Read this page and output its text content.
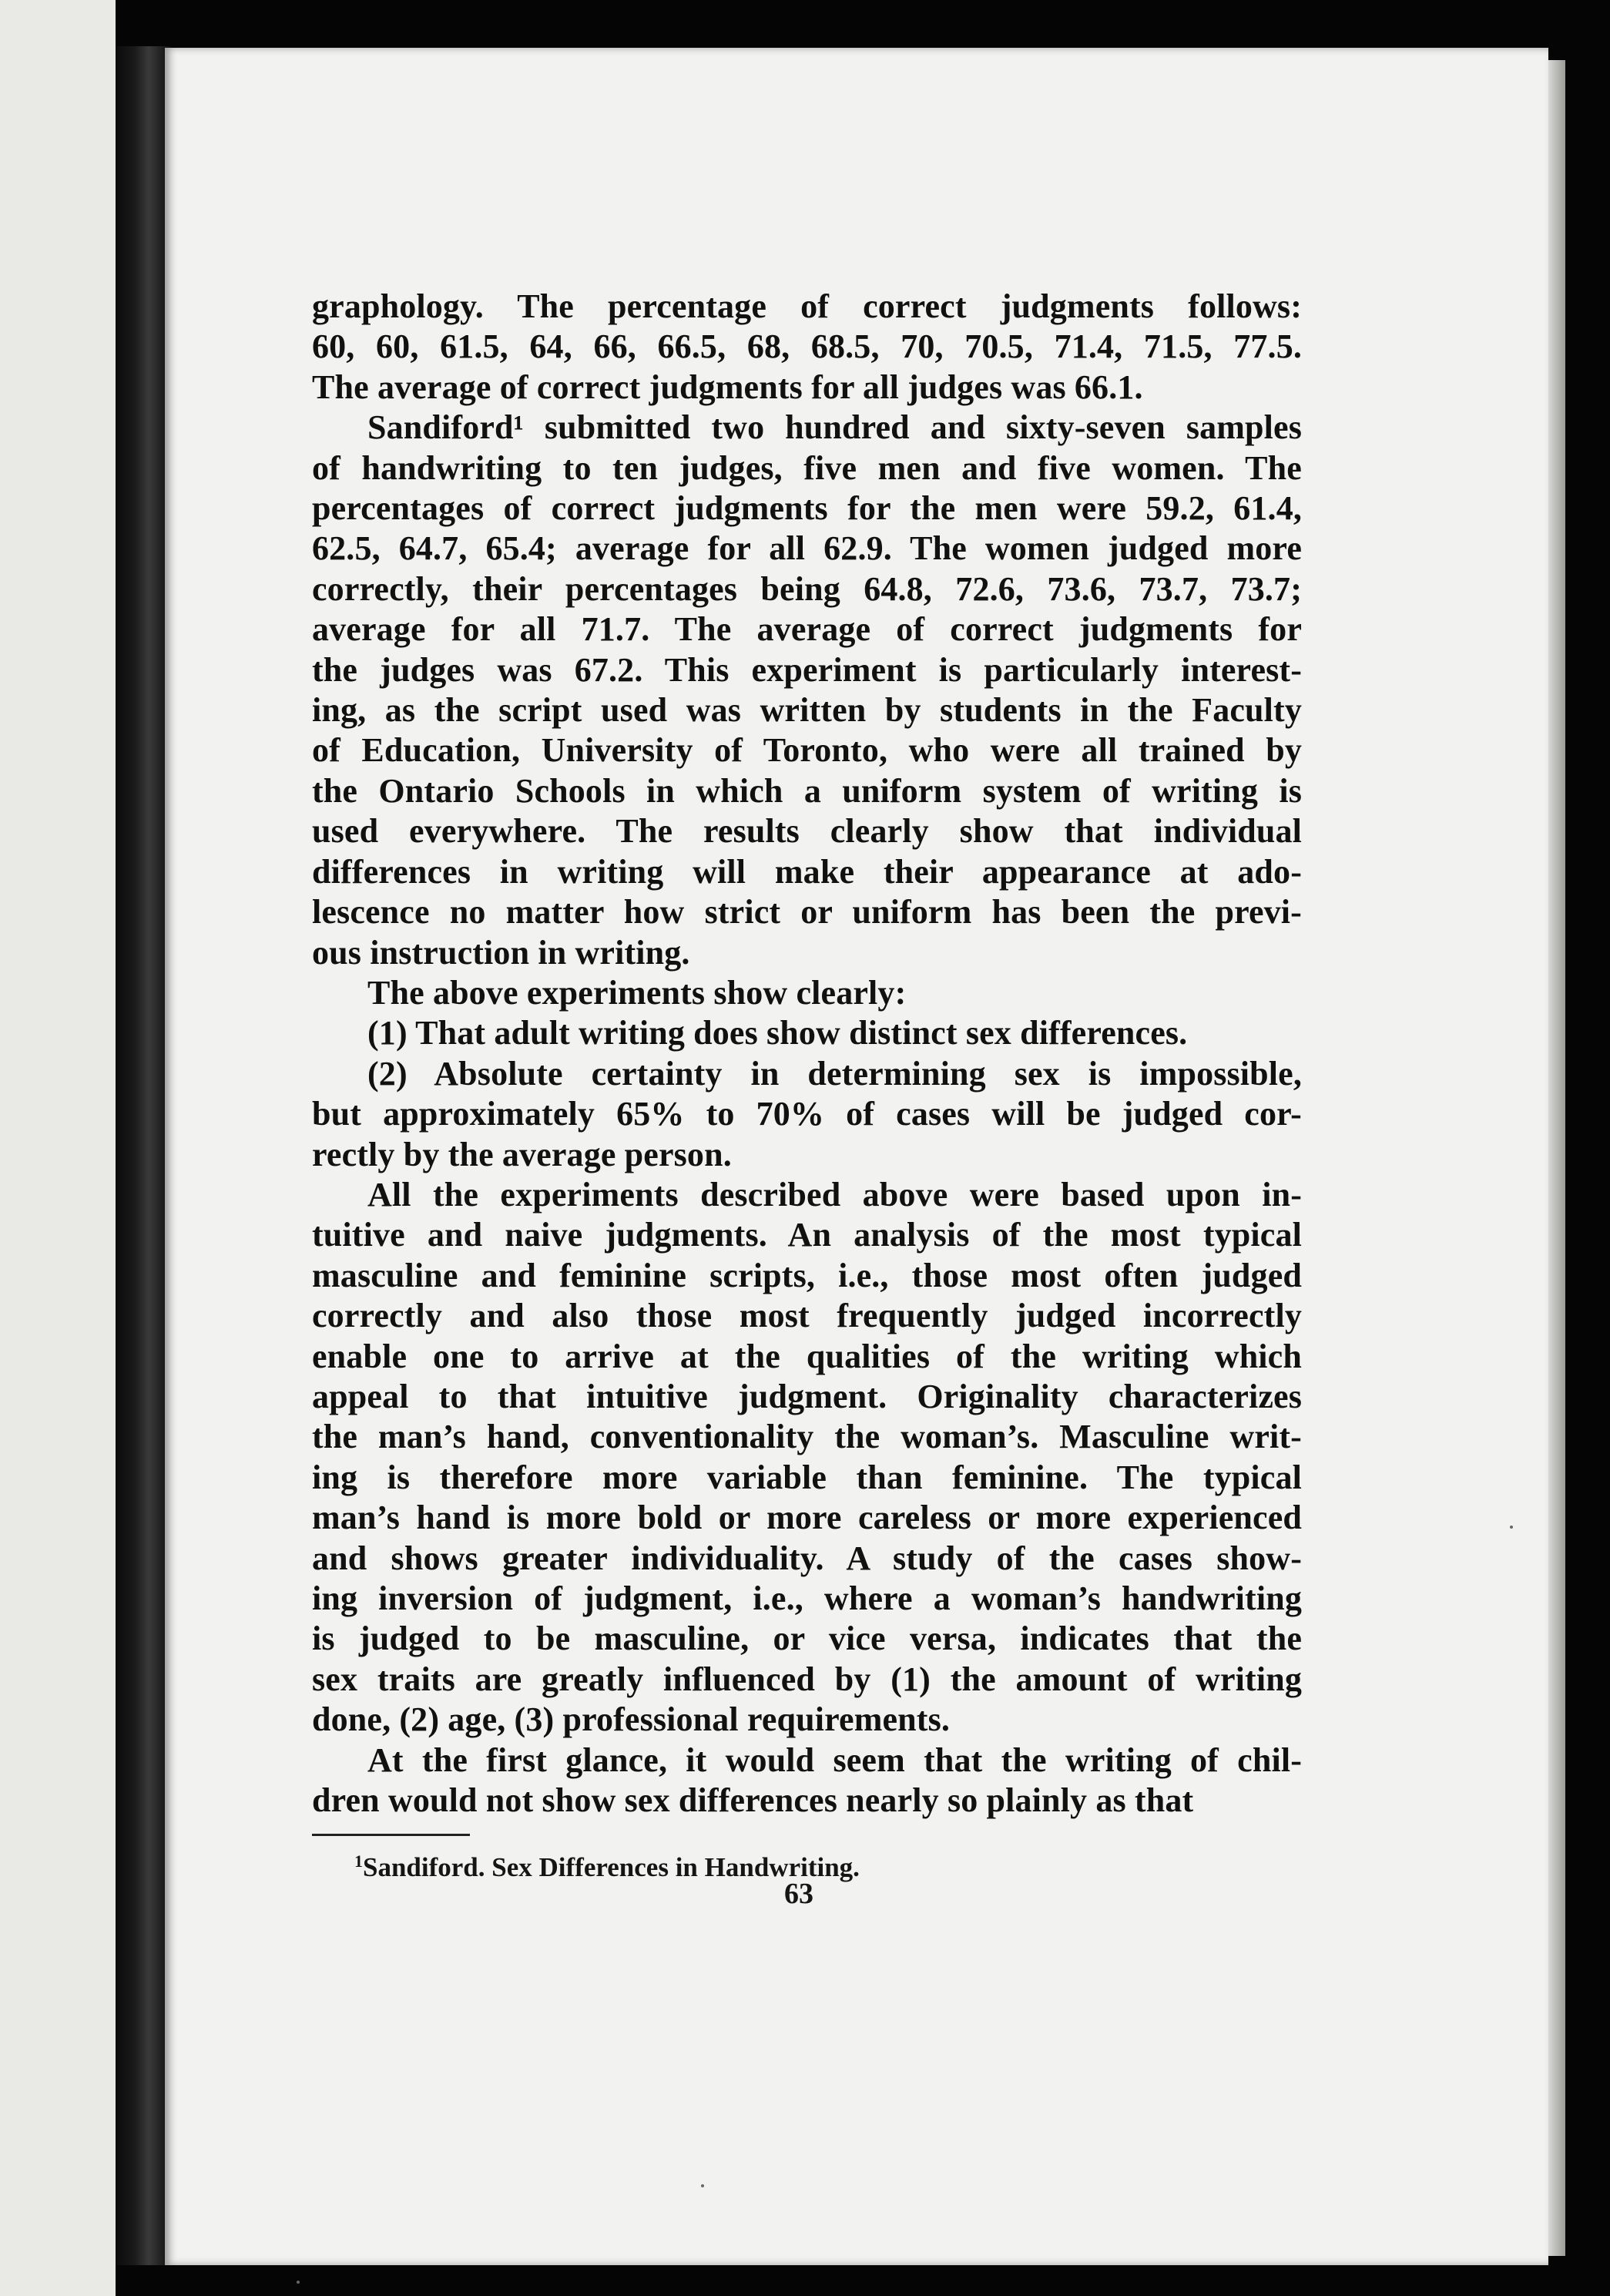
graphology. The percentage of correct judgments follows:
60, 60, 61.5, 64, 66, 66.5, 68, 68.5, 70, 70.5, 71.4, 71.5, 77.5.
The average of correct judgments for all judges was 66.1.
Sandiford¹ submitted two hundred and sixty-seven samples
of handwriting to ten judges, five men and five women. The
percentages of correct judgments for the men were 59.2, 61.4,
62.5, 64.7, 65.4; average for all 62.9. The women judged more
correctly, their percentages being 64.8, 72.6, 73.6, 73.7, 73.7;
average for all 71.7. The average of correct judgments for
the judges was 67.2. This experiment is particularly interest-
ing, as the script used was written by students in the Faculty
of Education, University of Toronto, who were all trained by
the Ontario Schools in which a uniform system of writing is
used everywhere. The results clearly show that individual
differences in writing will make their appearance at ado-
lescence no matter how strict or uniform has been the previ-
ous instruction in writing.
The above experiments show clearly:
(1) That adult writing does show distinct sex differences.
(2) Absolute certainty in determining sex is impossible,
but approximately 65% to 70% of cases will be judged cor-
rectly by the average person.
All the experiments described above were based upon in-
tuitive and naive judgments. An analysis of the most typical
masculine and feminine scripts, i.e., those most often judged
correctly and also those most frequently judged incorrectly
enable one to arrive at the qualities of the writing which
appeal to that intuitive judgment. Originality characterizes
the man’s hand, conventionality the woman’s. Masculine writ-
ing is therefore more variable than feminine. The typical
man’s hand is more bold or more careless or more experienced
and shows greater individuality. A study of the cases show-
ing inversion of judgment, i.e., where a woman’s handwriting
is judged to be masculine, or vice versa, indicates that the
sex traits are greatly influenced by (1) the amount of writing
done, (2) age, (3) professional requirements.
At the first glance, it would seem that the writing of chil-
dren would not show sex differences nearly so plainly as that
$^1$Sandiford. Sex Differences in Handwriting.
63
